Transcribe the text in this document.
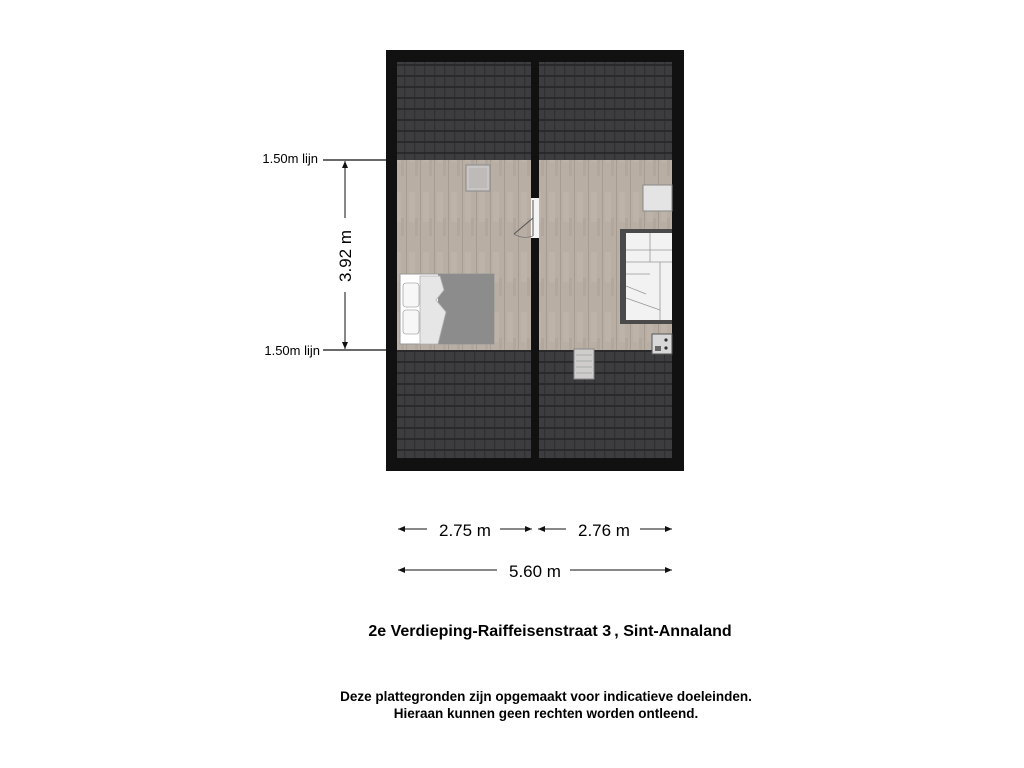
3.92 m
1.50m lijn
1.50m lijn
2.75 m	2.76 m
5.60 m
2e Verdieping-Raiffeisenstraat 3 , Sint-Annaland
Deze plattegronden zijn opgemaakt voor indicatieve doeleinden.
Hieraan kunnen geen rechten worden ontleend.
